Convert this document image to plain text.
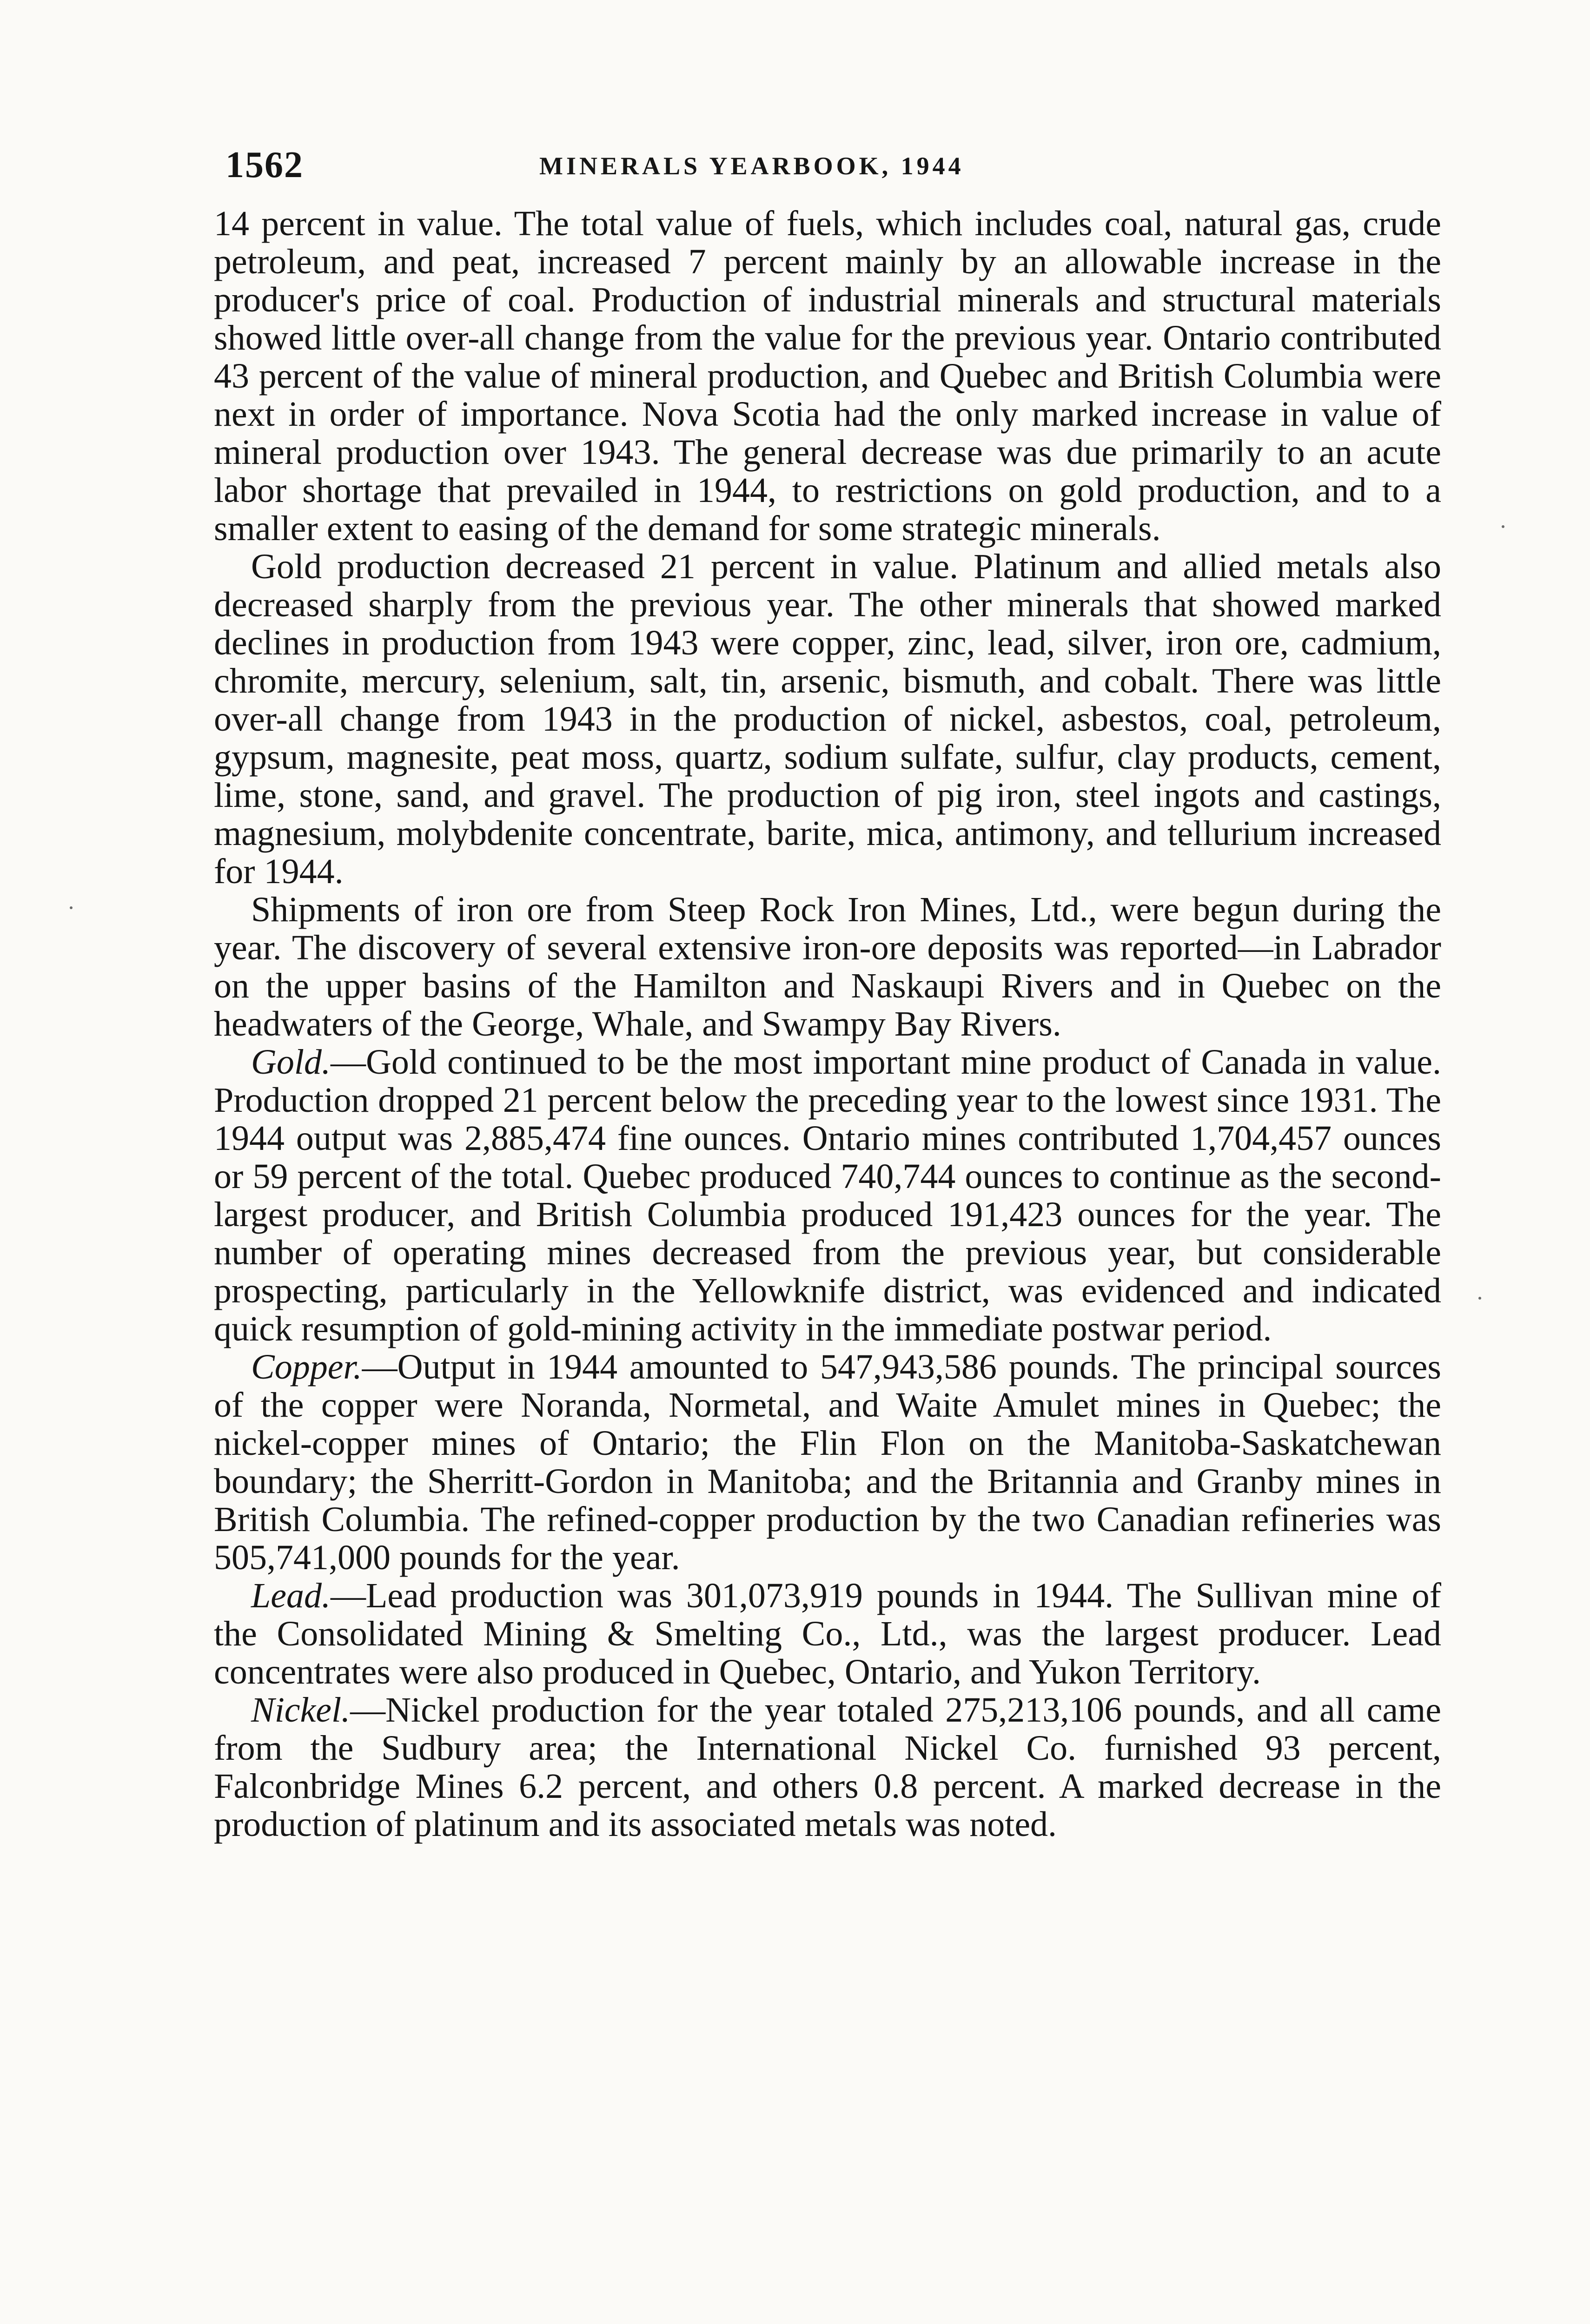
1562	MINERALS YEARBOOK, 1944

14 percent in value. The total value of fuels, which includes coal, natural gas, crude petroleum, and peat, increased 7 percent mainly by an allowable increase in the producer's price of coal. Production of industrial minerals and structural materials showed little over-all change from the value for the previous year. Ontario contributed 43 percent of the value of mineral production, and Quebec and British Columbia were next in order of importance. Nova Scotia had the only marked increase in value of mineral production over 1943. The general decrease was due primarily to an acute labor shortage that prevailed in 1944, to restrictions on gold production, and to a smaller extent to easing of the demand for some strategic minerals.

Gold production decreased 21 percent in value. Platinum and allied metals also decreased sharply from the previous year. The other minerals that showed marked declines in production from 1943 were copper, zinc, lead, silver, iron ore, cadmium, chromite, mercury, selenium, salt, tin, arsenic, bismuth, and cobalt. There was little over-all change from 1943 in the production of nickel, asbestos, coal, petroleum, gypsum, magnesite, peat moss, quartz, sodium sulfate, sulfur, clay products, cement, lime, stone, sand, and gravel. The production of pig iron, steel ingots and castings, magnesium, molybdenite concentrate, barite, mica, antimony, and tellurium increased for 1944.

Shipments of iron ore from Steep Rock Iron Mines, Ltd., were begun during the year. The discovery of several extensive iron-ore deposits was reported—in Labrador on the upper basins of the Hamilton and Naskaupi Rivers and in Quebec on the headwaters of the George, Whale, and Swampy Bay Rivers.

Gold.—Gold continued to be the most important mine product of Canada in value. Production dropped 21 percent below the preceding year to the lowest since 1931. The 1944 output was 2,885,474 fine ounces. Ontario mines contributed 1,704,457 ounces or 59 percent of the total. Quebec produced 740,744 ounces to continue as the second-largest producer, and British Columbia produced 191,423 ounces for the year. The number of operating mines decreased from the previous year, but considerable prospecting, particularly in the Yellowknife district, was evidenced and indicated quick resumption of gold-mining activity in the immediate postwar period.

Copper.—Output in 1944 amounted to 547,943,586 pounds. The principal sources of the copper were Noranda, Normetal, and Waite Amulet mines in Quebec; the nickel-copper mines of Ontario; the Flin Flon on the Manitoba-Saskatchewan boundary; the Sherritt-Gordon in Manitoba; and the Britannia and Granby mines in British Columbia. The refined-copper production by the two Canadian refineries was 505,741,000 pounds for the year.

Lead.—Lead production was 301,073,919 pounds in 1944. The Sullivan mine of the Consolidated Mining & Smelting Co., Ltd., was the largest producer. Lead concentrates were also produced in Quebec, Ontario, and Yukon Territory.

Nickel.—Nickel production for the year totaled 275,213,106 pounds, and all came from the Sudbury area; the International Nickel Co. furnished 93 percent, Falconbridge Mines 6.2 percent, and others 0.8 percent. A marked decrease in the production of platinum and its associated metals was noted.
